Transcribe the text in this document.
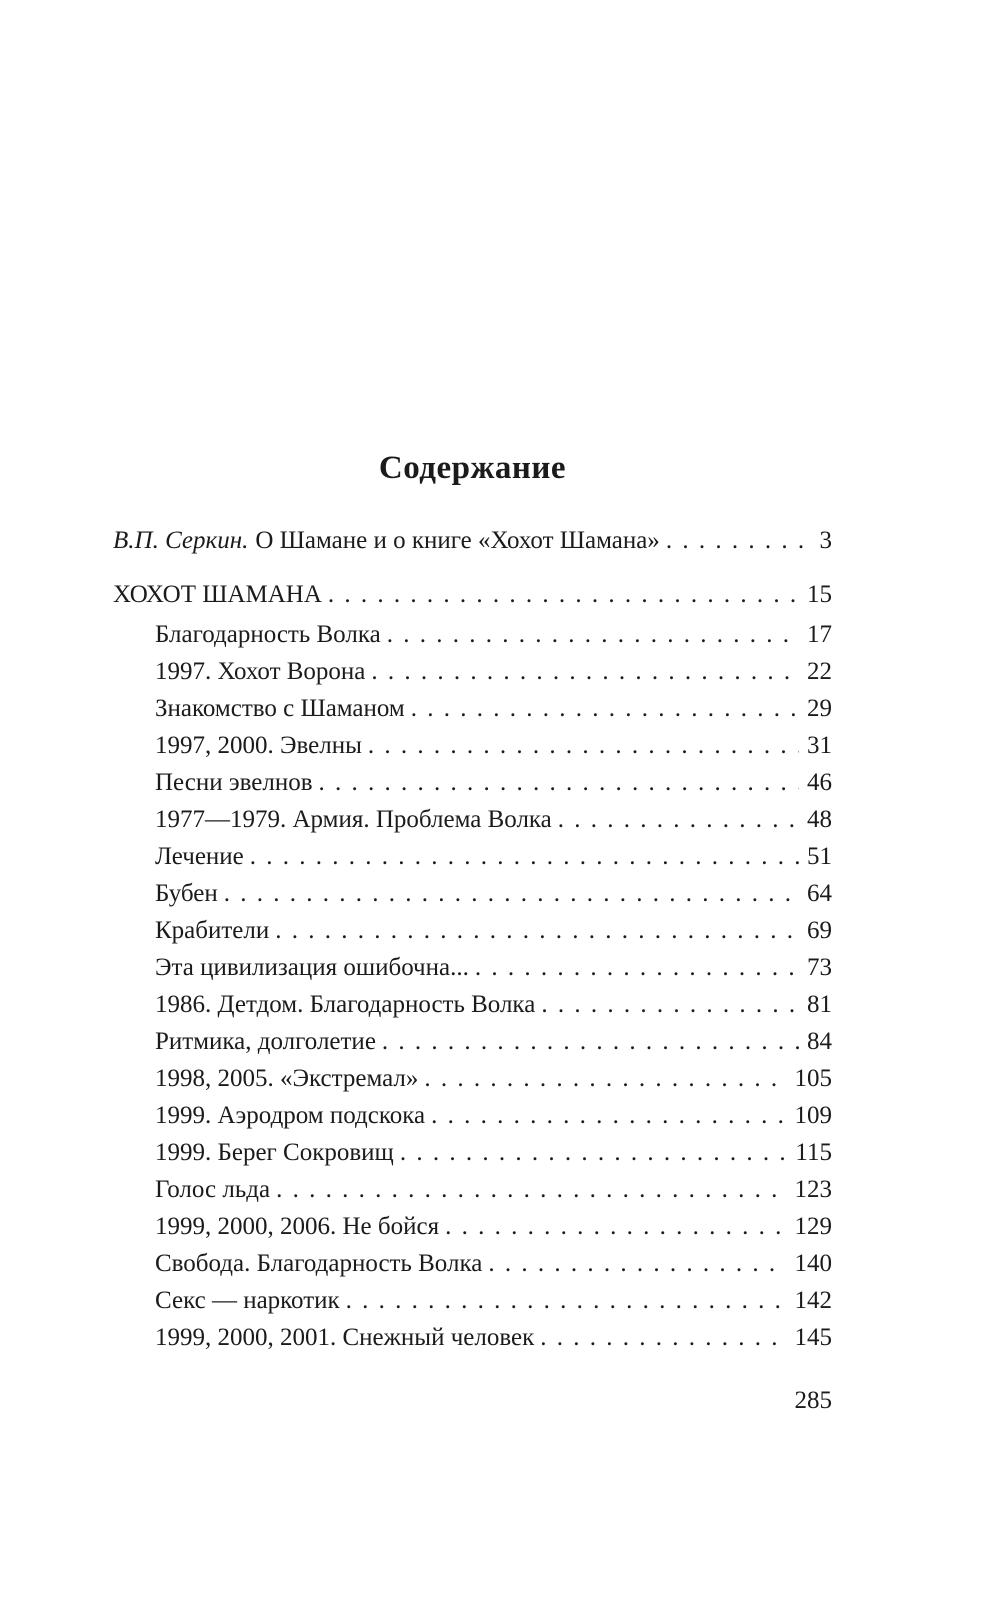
Содержание
В.П. Серкин. О Шамане и о книге «Хохот Шамана» . . .	3
ХОХОТ ШАМАНА . . .	15
Благодарность Волка . . .	17
1997. Хохот Ворона . . .	22
Знакомство с Шаманом . . .	29
1997, 2000. Эвелны . . .	31
Песни эвелнов . . .	46
1977—1979. Армия. Проблема Волка . . .	48
Лечение . . .	51
Бубен . . .	64
Крабители . . .	69
Эта цивилизация ошибочна... . . .	73
1986. Детдом. Благодарность Волка . . .	81
Ритмика, долголетие . . .	84
1998, 2005. «Экстремал» . . .	105
1999. Аэродром подскока . . .	109
1999. Берег Сокровищ . . .	115
Голос льда . . .	123
1999, 2000, 2006. Не бойся . . .	129
Свобода. Благодарность Волка . . .	140
Секс — наркотик . . .	142
1999, 2000, 2001. Снежный человек . . .	145
285
